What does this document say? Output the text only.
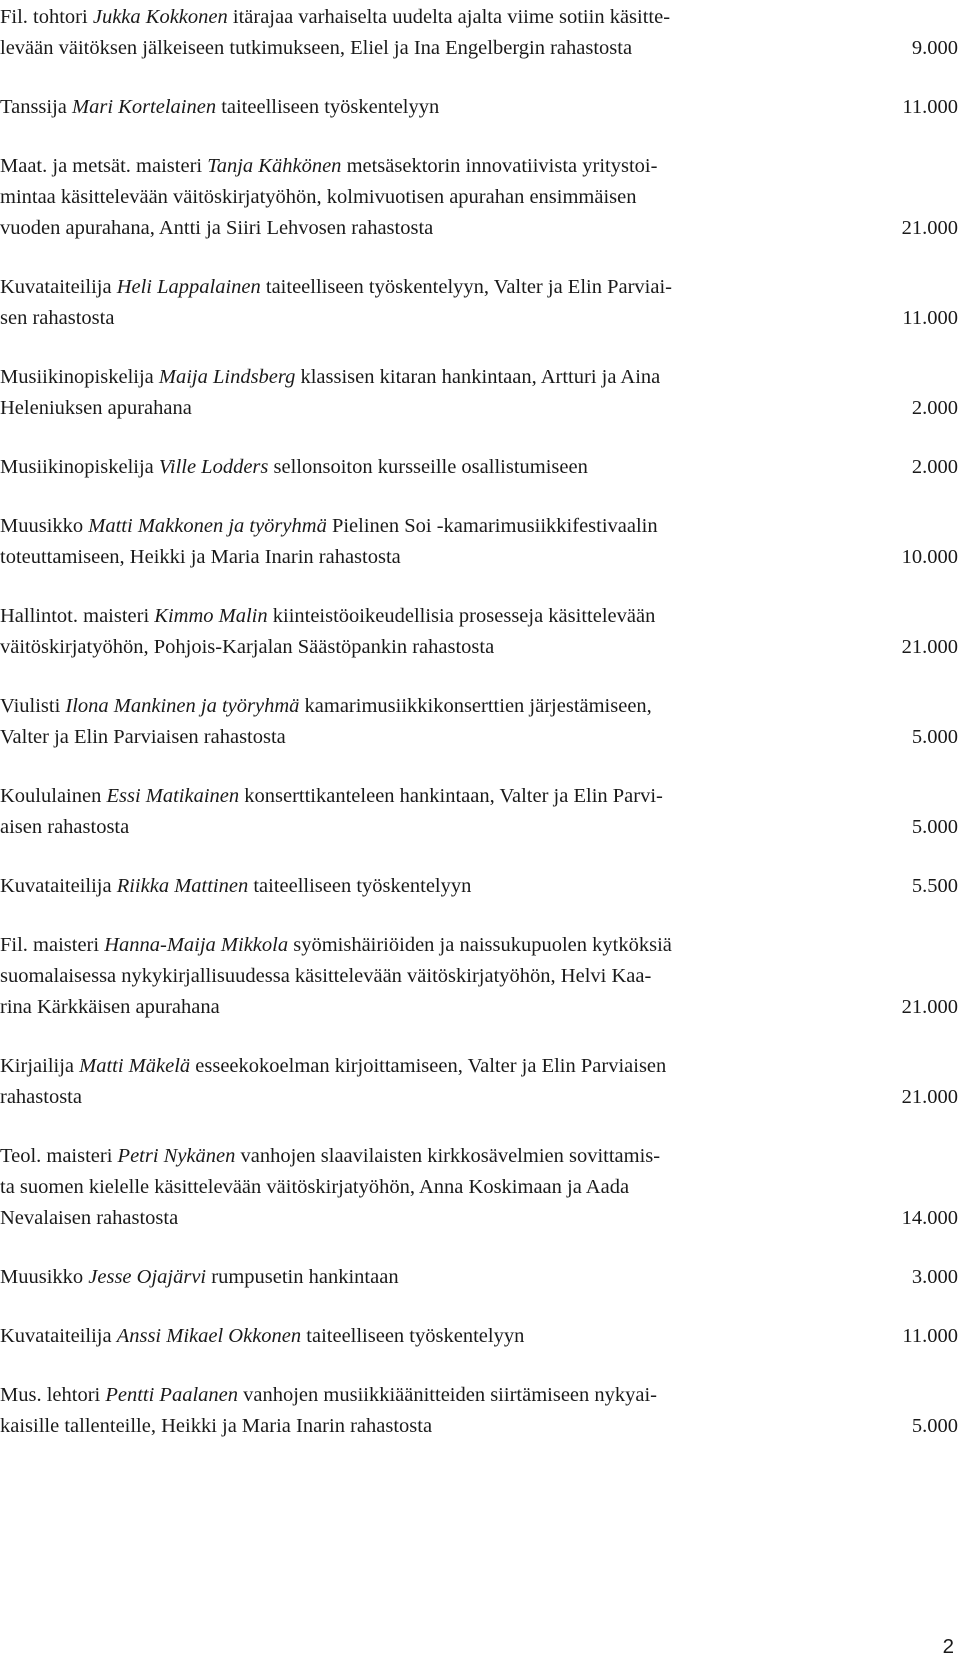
Fil. tohtori Jukka Kokkonen itärajaa varhaiselta uudelta ajalta viime sotiin käsitte-
levään väitöksen jälkeiseen tutkimukseen, Eliel ja Ina Engelbergin rahastosta	9.000
Tanssija Mari Kortelainen taiteelliseen työskentelyyn	11.000
Maat. ja metsät. maisteri Tanja Kähkönen metsäsektorin innovatiivista yritystoi-
mintaa käsittelevään väitöskirjatyöhön, kolmivuotisen apurahan ensimmäisen
vuoden apurahana, Antti ja Siiri Lehvosen rahastosta	21.000
Kuvataiteilija Heli Lappalainen taiteelliseen työskentelyyn, Valter ja Elin Parviai-
sen rahastosta	11.000
Musiikinopiskelija Maija Lindsberg klassisen kitaran hankintaan, Artturi ja Aina
Heleniuksen apurahana	2.000
Musiikinopiskelija Ville Lodders sellonsoiton kursseille osallistumiseen	2.000
Muusikko Matti Makkonen ja työryhmä Pielinen Soi -kamarimusiikkifestivaalin
toteuttamiseen, Heikki ja Maria Inarin rahastosta	10.000
Hallintot. maisteri Kimmo Malin kiinteistöoikeudellisia prosesseja käsittelevään
väitöskirjatyöhön, Pohjois-Karjalan Säästöpankin rahastosta	21.000
Viulisti Ilona Mankinen ja työryhmä kamarimusiikkikonserttien järjestämiseen,
Valter ja Elin Parviaisen rahastosta	5.000
Koululainen Essi Matikainen konserttikanteleen hankintaan, Valter ja Elin Parvi-
aisen rahastosta	5.000
Kuvataiteilija Riikka Mattinen taiteelliseen työskentelyyn	5.500
Fil. maisteri Hanna-Maija Mikkola syömishäiriöiden ja naissukupuolen kytköksiä
suomalaisessa nykykirjallisuudessa käsittelevään väitöskirjatyöhön, Helvi Kaa-
rina Kärkkäisen apurahana	21.000
Kirjailija Matti Mäkelä esseekokoelman kirjoittamiseen, Valter ja Elin Parviaisen
rahastosta	21.000
Teol. maisteri Petri Nykänen vanhojen slaavilaisten kirkkosävelmien sovittamis-
ta suomen kielelle käsittelevään väitöskirjatyöhön, Anna Koskimaan ja Aada
Nevalaisen rahastosta	14.000
Muusikko Jesse Ojajärvi rumpusetin hankintaan	3.000
Kuvataiteilija Anssi Mikael Okkonen taiteelliseen työskentelyyn	11.000
Mus. lehtori Pentti Paalanen vanhojen musiikkiäänitteiden siirtämiseen nykyai-
kaisille tallenteille, Heikki ja Maria Inarin rahastosta	5.000
2
